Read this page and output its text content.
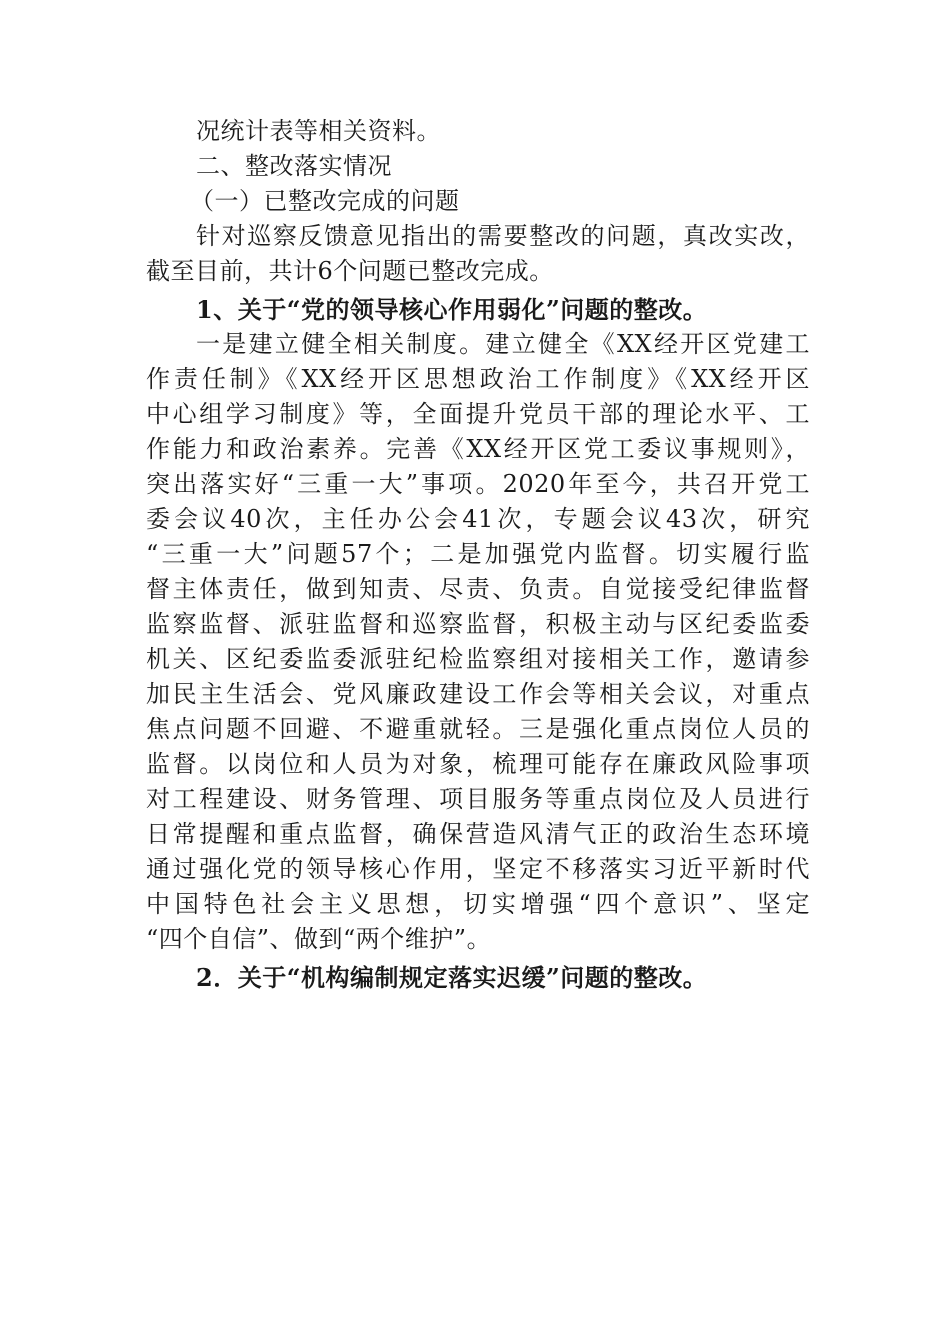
况统计表等相关资料。
二、整改落实情况
（一）已整改完成的问题
针对巡察反馈意见指出的需要整改的问题，真改实改，
截至目前，共计6个问题已整改完成。
1、关于“党的领导核心作用弱化”问题的整改。
一是建立健全相关制度。建立健全《XX经开区党建工
作责任制》《XX经开区思想政治工作制度》《XX经开区
中心组学习制度》等，全面提升党员干部的理论水平、工
作能力和政治素养。完善《XX经开区党工委议事规则》，
突出落实好“三重一大”事项。2020年至今，共召开党工
委会议40次，主任办公会41次，专题会议43次，研究
“三重一大”问题57个；二是加强党内监督。切实履行监
督主体责任，做到知责、尽责、负责。自觉接受纪律监督
监察监督、派驻监督和巡察监督，积极主动与区纪委监委
机关、区纪委监委派驻纪检监察组对接相关工作，邀请参
加民主生活会、党风廉政建设工作会等相关会议，对重点
焦点问题不回避、不避重就轻。三是强化重点岗位人员的
监督。以岗位和人员为对象，梳理可能存在廉政风险事项
对工程建设、财务管理、项目服务等重点岗位及人员进行
日常提醒和重点监督，确保营造风清气正的政治生态环境
通过强化党的领导核心作用，坚定不移落实习近平新时代
中国特色社会主义思想，切实增强“四个意识”、坚定
“四个自信”、做到“两个维护”。
2．关于“机构编制规定落实迟缓”问题的整改。
